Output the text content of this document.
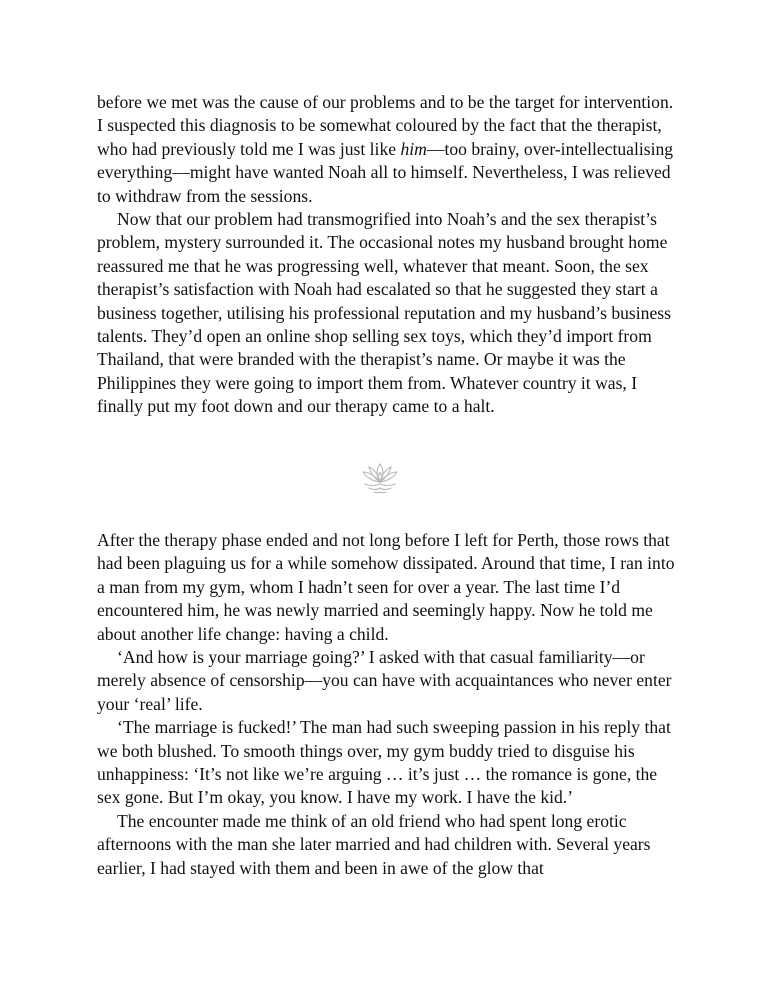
before we met was the cause of our problems and to be the target for intervention. I suspected this diagnosis to be somewhat coloured by the fact that the therapist, who had previously told me I was just like him—too brainy, over-intellectualising everything—might have wanted Noah all to himself. Nevertheless, I was relieved to withdraw from the sessions.

Now that our problem had transmogrified into Noah’s and the sex therapist’s problem, mystery surrounded it. The occasional notes my husband brought home reassured me that he was progressing well, whatever that meant. Soon, the sex therapist’s satisfaction with Noah had escalated so that he suggested they start a business together, utilising his professional reputation and my husband’s business talents. They’d open an online shop selling sex toys, which they’d import from Thailand, that were branded with the therapist’s name. Or maybe it was the Philippines they were going to import them from. Whatever country it was, I finally put my foot down and our therapy came to a halt.

After the therapy phase ended and not long before I left for Perth, those rows that had been plaguing us for a while somehow dissipated. Around that time, I ran into a man from my gym, whom I hadn’t seen for over a year. The last time I’d encountered him, he was newly married and seemingly happy. Now he told me about another life change: having a child.

‘And how is your marriage going?’ I asked with that casual familiarity—or merely absence of censorship—you can have with acquaintances who never enter your ‘real’ life.

‘The marriage is fucked!’ The man had such sweeping passion in his reply that we both blushed. To smooth things over, my gym buddy tried to disguise his unhappiness: ‘It’s not like we’re arguing … it’s just … the romance is gone, the sex gone. But I’m okay, you know. I have my work. I have the kid.’

The encounter made me think of an old friend who had spent long erotic afternoons with the man she later married and had children with. Several years earlier, I had stayed with them and been in awe of the glow that
